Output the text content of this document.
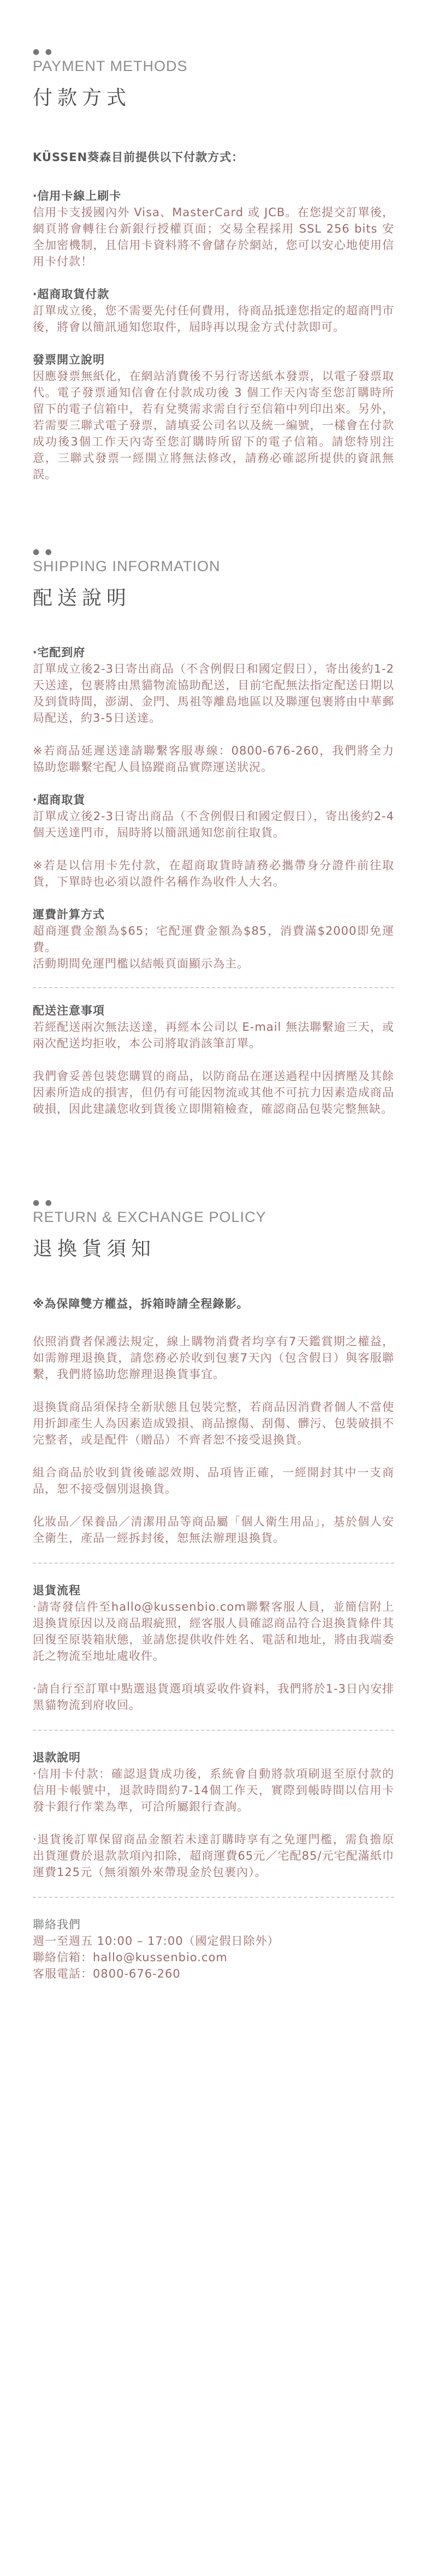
● ●
PAYMENT METHODS
付款方式
KÜSSEN葵森目前提供以下付款方式：
‧信用卡線上刷卡
信用卡支援國內外 Visa、MasterCard 或 JCB。在您提交訂單後，網頁將會轉往台新銀行授權頁面；交易全程採用 SSL 256 bits 安全加密機制，且信用卡資料將不會儲存於網站，您可以安心地使用信用卡付款！
‧超商取貨付款
訂單成立後，您不需要先付任何費用，待商品抵達您指定的超商門市後，將會以簡訊通知您取件，屆時再以現金方式付款即可。
發票開立說明
因應發票無紙化，在網站消費後不另行寄送紙本發票，以電子發票取代。電子發票通知信會在付款成功後 3 個工作天內寄至您訂購時所留下的電子信箱中，若有兌獎需求需自行至信箱中列印出來。另外，若需要三聯式電子發票，請填妥公司名以及統一編號，一樣會在付款成功後3個工作天內寄至您訂購時所留下的電子信箱。請您特別注意，三聯式發票一經開立將無法修改，請務必確認所提供的資訊無誤。
● ●
SHIPPING INFORMATION
配送說明
‧宅配到府
訂單成立後2-3日寄出商品（不含例假日和國定假日），寄出後約1-2天送達，包裹將由黑貓物流協助配送，目前宅配無法指定配送日期以及到貨時間，澎湖、金門、馬祖等離島地區以及聯運包裹將由中華郵局配送，約3-5日送達。
※若商品延遲送達請聯繫客服專線：0800-676-260，我們將全力協助您聯繫宅配人員協蹤商品實際運送狀況。
‧超商取貨
訂單成立後2-3日寄出商品（不含例假日和國定假日），寄出後約2-4個天送達門市，屆時將以簡訊通知您前往取貨。
※若是以信用卡先付款，在超商取貨時請務必攜帶身分證件前往取貨，下單時也必須以證件名稱作為收件人大名。
運費計算方式
超商運費金額為$65；宅配運費金額為$85，消費滿$2000即免運費。
活動期間免運門檻以結帳頁面顯示為主。
配送注意事項
若經配送兩次無法送達，再經本公司以 E-mail 無法聯繫逾三天，或兩次配送均拒收，本公司將取消該筆訂單。
我們會妥善包裝您購買的商品，以防商品在運送過程中因擠壓及其餘因素所造成的損害，但仍有可能因物流或其他不可抗力因素造成商品破損，因此建議您收到貨後立即開箱檢查，確認商品包裝完整無缺。
● ●
RETURN & EXCHANGE POLICY
退換貨須知
※為保障雙方權益，拆箱時請全程錄影。
依照消費者保護法規定，線上購物消費者均享有7天鑑賞期之權益，如需辦理退換貨，請您務必於收到包裹7天內（包含假日）與客服聯繫，我們將協助您辦理退換貨事宜。
退換貨商品須保持全新狀態且包裝完整，若商品因消費者個人不當使用折卸產生人為因素造成毀損、商品擦傷、刮傷、髒污、包裝破損不完整者，或是配件（贈品）不齊者恕不接受退換貨。
組合商品於收到貨後確認效期、品項皆正確，一經開封其中一支商品，恕不接受個別退換貨。
化妝品／保養品／清潔用品等商品屬「個人衛生用品」，基於個人安全衛生，產品一經拆封後，恕無法辦理退換貨。
退貨流程
‧請寄發信件至hallo@kussenbio.com聯繫客服人員，並簡信附上退換貨原因以及商品瑕疵照，經客服人員確認商品符合退換貨條件其回復至原裝箱狀態，並請您提供收件姓名、電話和地址，將由我端委託之物流至地址處收件。
‧請自行至訂單中點選退貨選項填妥收件資料，我們將於1-3日內安排黑貓物流到府收回。
退款說明
‧信用卡付款：確認退貨成功後，系統會自動將款項刷退至原付款的信用卡帳號中，退款時間約7-14個工作天，實際到帳時間以信用卡發卡銀行作業為準，可洽所屬銀行查詢。
‧退貨後訂單保留商品金額若未達訂購時享有之免運門檻，需負擔原出貨運費於退款款項內扣除，超商運費65元／宅配85/元宅配滿紙巾運費125元（無須額外來帶現金於包裹內）。
聯絡我們
週一至週五 10:00 – 17:00（國定假日除外）
聯絡信箱：hallo@kussenbio.com
客服電話：0800-676-260
